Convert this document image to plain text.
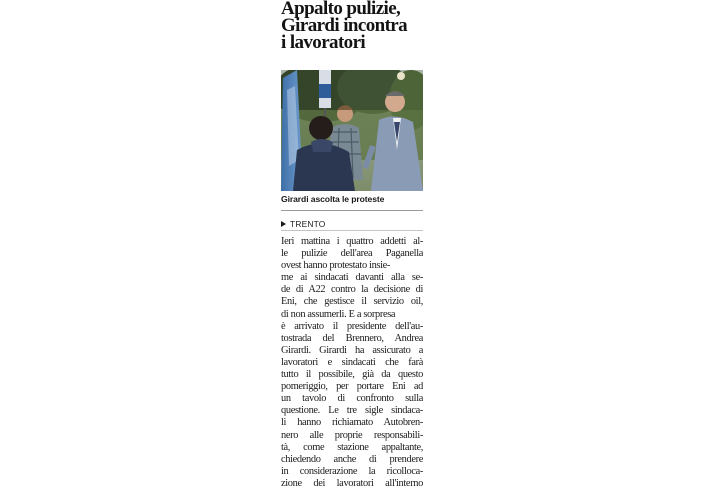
Appalto pulizie,
Girardi incontra
i lavoratori
Girardi ascolta le proteste
TRENTO
Ieri mattina i quattro addetti al-
le pulizie dell'area Paganella
ovest hanno protestato insie-
me ai sindacati davanti alla se-
de di A22 contro la decisione di
Eni, che gestisce il servizio oil,
di non assumerli. E a sorpresa
è arrivato il presidente dell'au-
tostrada del Brennero, Andrea
Girardi. Girardi ha assicurato a
lavoratori e sindacati che farà
tutto il possibile, già da questo
pomeriggio, per portare Eni ad
un tavolo di confronto sulla
questione. Le tre sigle sindaca-
li hanno richiamato Autobren-
nero alle proprie responsabili-
tà, come stazione appaltante,
chiedendo anche di prendere
in considerazione la ricolloca-
zione dei lavoratori all'interno
